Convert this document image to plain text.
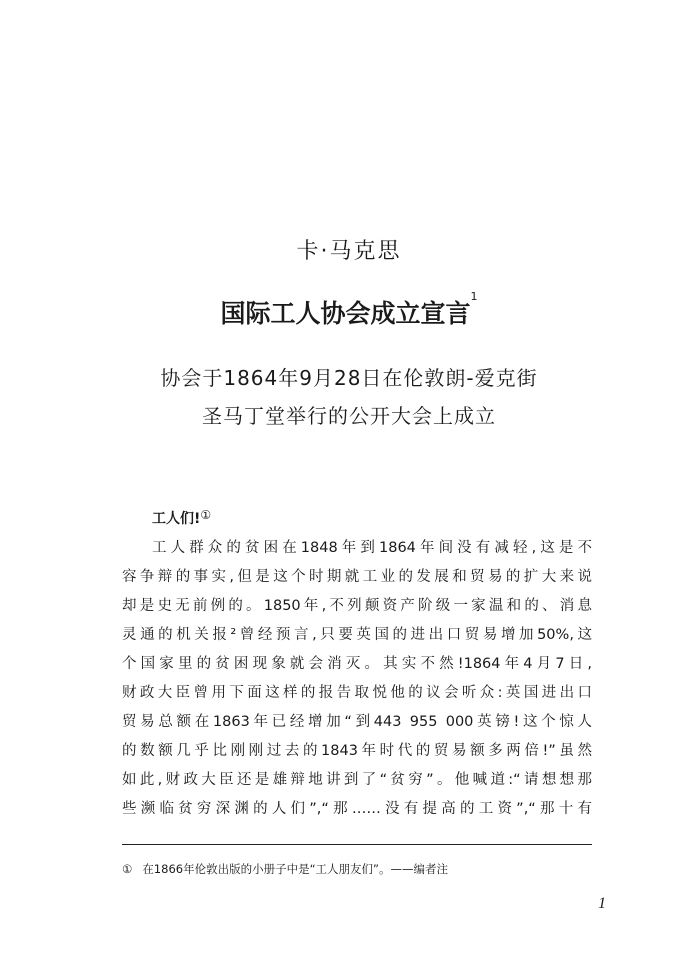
卡·马克思
国际工人协会成立宣言$^1$
协会于1864年9月28日在伦敦朗-爱克街
圣马丁堂举行的公开大会上成立
工人们!①
工人群众的贫困在1848年到1864年间没有减轻,这是不
容争辩的事实,但是这个时期就工业的发展和贸易的扩大来说
却是史无前例的。1850年,不列颠资产阶级一家温和的、消息
灵通的机关报²曾经预言,只要英国的进出口贸易增加50%,这
个国家里的贫困现象就会消灭。其实不然!1864年4月7日,
财政大臣曾用下面这样的报告取悦他的议会听众:英国进出口
贸易总额在1863年已经增加“到443 955 000英镑!这个惊人
的数额几乎比刚刚过去的1843年时代的贸易额多两倍!”虽然
如此,财政大臣还是雄辩地讲到了“贫穷”。他喊道:“请想想那
些濒临贫穷深渊的人们”,“那……没有提高的工资”,“那十有
① 在1866年伦敦出版的小册子中是“工人朋友们”。——编者注
1
